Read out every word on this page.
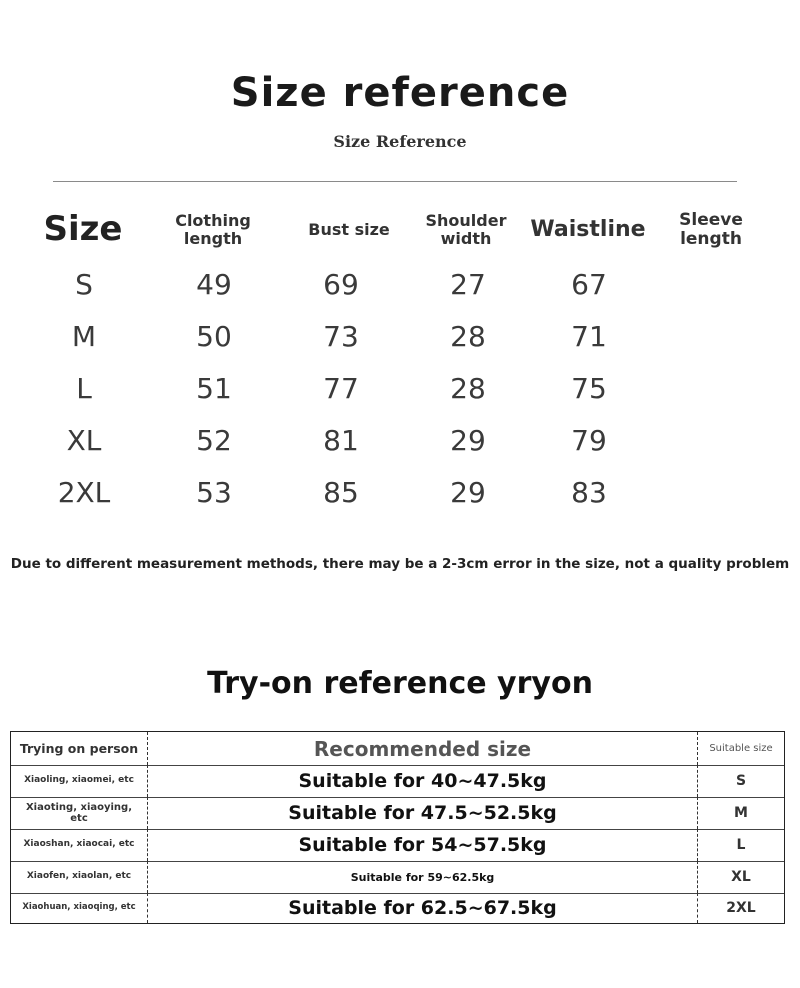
Size reference
Size Reference
Size	Clothing length	Bust size	Shoulder width	Waistline	Sleeve length
S	49	69	27	67
M	50	73	28	71
L	51	77	28	75
XL	52	81	29	79
2XL	53	85	29	83
Due to different measurement methods, there may be a 2-3cm error in the size, not a quality problem
Try-on reference yryon
Trying on person	Recommended size	Suitable size
Xiaoling, xiaomei, etc	Suitable for 40~47.5kg	S
Xiaoting, xiaoying, etc	Suitable for 47.5~52.5kg	M
Xiaoshan, xiaocai, etc	Suitable for 54~57.5kg	L
Xiaofen, xiaolan, etc	Suitable for 59~62.5kg	XL
Xiaohuan, xiaoqing, etc	Suitable for 62.5~67.5kg	2XL
